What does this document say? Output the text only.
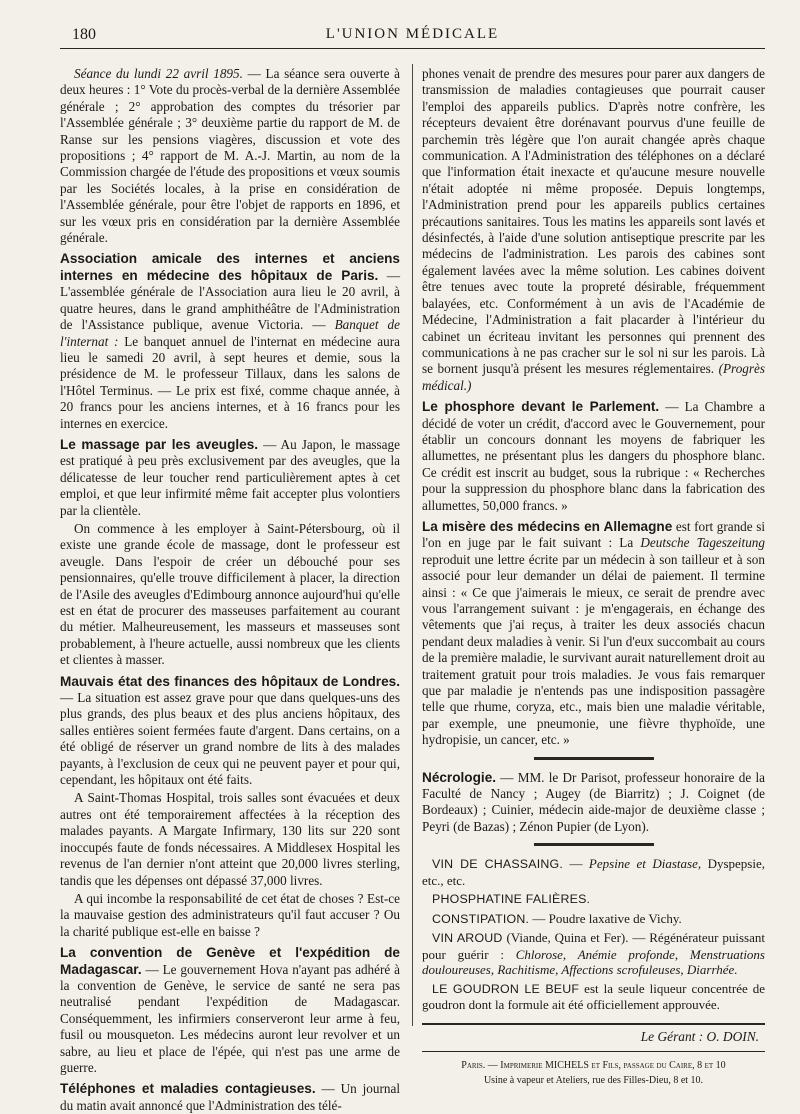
180	L'UNION MÉDICALE

Séance du lundi 22 avril 1895. — La séance sera ouverte à deux heures : 1° Vote du procès-verbal de la dernière Assemblée générale ; 2° approbation des comptes du trésorier par l'Assemblée générale ; 3° deuxième partie du rapport de M. de Ranse sur les pensions viagères, discussion et vote des propositions ; 4° rapport de M. A.-J. Martin, au nom de la Commission chargée de l'étude des propositions et vœux soumis par les Sociétés locales, à la prise en considération de l'Assemblée générale, pour être l'objet de rapports en 1896, et sur les vœux pris en considération par la dernière Assemblée générale.

Association amicale des internes et anciens internes en médecine des hôpitaux de Paris. — L'assemblée générale de l'Association aura lieu le 20 avril, à quatre heures, dans le grand amphithéâtre de l'Administration de l'Assistance publique, avenue Victoria. — Banquet de l'internat : Le banquet annuel de l'internat en médecine aura lieu le samedi 20 avril, à sept heures et demie, sous la présidence de M. le professeur Tillaux, dans les salons de l'Hôtel Terminus. — Le prix est fixé, comme chaque année, à 20 francs pour les anciens internes, et à 16 francs pour les internes en exercice.

Le massage par les aveugles. — Au Japon, le massage est pratiqué à peu près exclusivement par des aveugles, que la délicatesse de leur toucher rend particulièrement aptes à cet emploi, et que leur infirmité même fait accepter plus volontiers par la clientèle.

On commence à les employer à Saint-Pétersbourg, où il existe une grande école de massage, dont le professeur est aveugle. Dans l'espoir de créer un débouché pour ses pensionnaires, qu'elle trouve difficilement à placer, la direction de l'Asile des aveugles d'Edimbourg annonce aujourd'hui qu'elle est en état de procurer des masseuses parfaitement au courant du métier. Malheureusement, les masseurs et masseuses sont probablement, à l'heure actuelle, aussi nombreux que les clients et clientes à masser.

Mauvais état des finances des hôpitaux de Londres. — La situation est assez grave pour que dans quelques-uns des plus grands, des plus beaux et des plus anciens hôpitaux, des salles entières soient fermées faute d'argent. Dans certains, on a été obligé de réserver un grand nombre de lits à des malades payants, à l'exclusion de ceux qui ne peuvent payer et pour qui, cependant, les hôpitaux ont été faits.

A Saint-Thomas Hospital, trois salles sont évacuées et deux autres ont été temporairement affectées à la réception des malades payants. A Margate Infirmary, 130 lits sur 220 sont inoccupés faute de fonds nécessaires. A Middlesex Hospital les revenus de l'an dernier n'ont atteint que 20,000 livres sterling, tandis que les dépenses ont dépassé 37,000 livres.

A qui incombe la responsabilité de cet état de choses ? Est-ce la mauvaise gestion des administrateurs qu'il faut accuser ? Ou la charité publique est-elle en baisse ?

La convention de Genève et l'expédition de Madagascar. — Le gouvernement Hova n'ayant pas adhéré à la convention de Genève, le service de santé ne sera pas neutralisé pendant l'expédition de Madagascar. Conséquemment, les infirmiers conserveront leur arme à feu, fusil ou mousqueton. Les médecins auront leur revolver et un sabre, au lieu et place de l'épée, qui n'est pas une arme de guerre.

Téléphones et maladies contagieuses. — Un journal du matin avait annoncé que l'Administration des télé-

phones venait de prendre des mesures pour parer aux dangers de transmission de maladies contagieuses que pourrait causer l'emploi des appareils publics. D'après notre confrère, les récepteurs devaient être dorénavant pourvus d'une feuille de parchemin très légère que l'on aurait changée après chaque communication. A l'Administration des téléphones on a déclaré que l'information était inexacte et qu'aucune mesure nouvelle n'était adoptée ni même proposée. Depuis longtemps, l'Administration prend pour les appareils publics certaines précautions sanitaires. Tous les matins les appareils sont lavés et désinfectés, à l'aide d'une solution antiseptique prescrite par les médecins de l'administration. Les parois des cabines sont également lavées avec la même solution. Les cabines doivent être tenues avec toute la propreté désirable, fréquemment balayées, etc. Conformément à un avis de l'Académie de Médecine, l'Administration a fait placarder à l'intérieur du cabinet un écriteau invitant les personnes qui prennent des communications à ne pas cracher sur le sol ni sur les parois. Là se bornent jusqu'à présent les mesures réglementaires. (Progrès médical.)

Le phosphore devant le Parlement. — La Chambre a décidé de voter un crédit, d'accord avec le Gouvernement, pour établir un concours donnant les moyens de fabriquer les allumettes, ne présentant plus les dangers du phosphore blanc. Ce crédit est inscrit au budget, sous la rubrique : « Recherches pour la suppression du phosphore blanc dans la fabrication des allumettes, 50,000 francs. »

La misère des médecins en Allemagne est fort grande si l'on en juge par le fait suivant : La Deutsche Tageszeitung reproduit une lettre écrite par un médecin à son tailleur et à son associé pour leur demander un délai de paiement. Il termine ainsi : « Ce que j'aimerais le mieux, ce serait de prendre avec vous l'arrangement suivant : je m'engagerais, en échange des vêtements que j'ai reçus, à traiter les deux associés chacun pendant deux maladies à venir. Si l'un d'eux succombait au cours de la première maladie, le survivant aurait naturellement droit au traitement gratuit pour trois maladies. Je vous fais remarquer que par maladie je n'entends pas une indisposition passagère telle que rhume, coryza, etc., mais bien une maladie véritable, par exemple, une pneumonie, une fièvre thyphoïde, une hydropisie, un cancer, etc. »

Nécrologie. — MM. le Dr Parisot, professeur honoraire de la Faculté de Nancy ; Augey (de Biarritz) ; J. Coignet (de Bordeaux) ; Cuinier, médecin aide-major de deuxième classe ; Peyri (de Bazas) ; Zénon Pupier (de Lyon).

VIN DE CHASSAING. — Pepsine et Diastase, Dyspepsie, etc., etc.

PHOSPHATINE FALIÈRES.

CONSTIPATION. — Poudre laxative de Vichy.

VIN AROUD (Viande, Quina et Fer). — Régénérateur puissant pour guérir : Chlorose, Anémie profonde, Menstruations douloureuses, Rachitisme, Affections scrofuleuses, Diarrhée.

LE GOUDRON LE BEUF est la seule liqueur concentrée de goudron dont la formule ait été officiellement approuvée.

Le Gérant : O. DOIN.

Paris. — Imprimerie MICHELS et Fils, passage du Caire, 8 et 10

Usine à vapeur et Ateliers, rue des Filles-Dieu, 8 et 10.
